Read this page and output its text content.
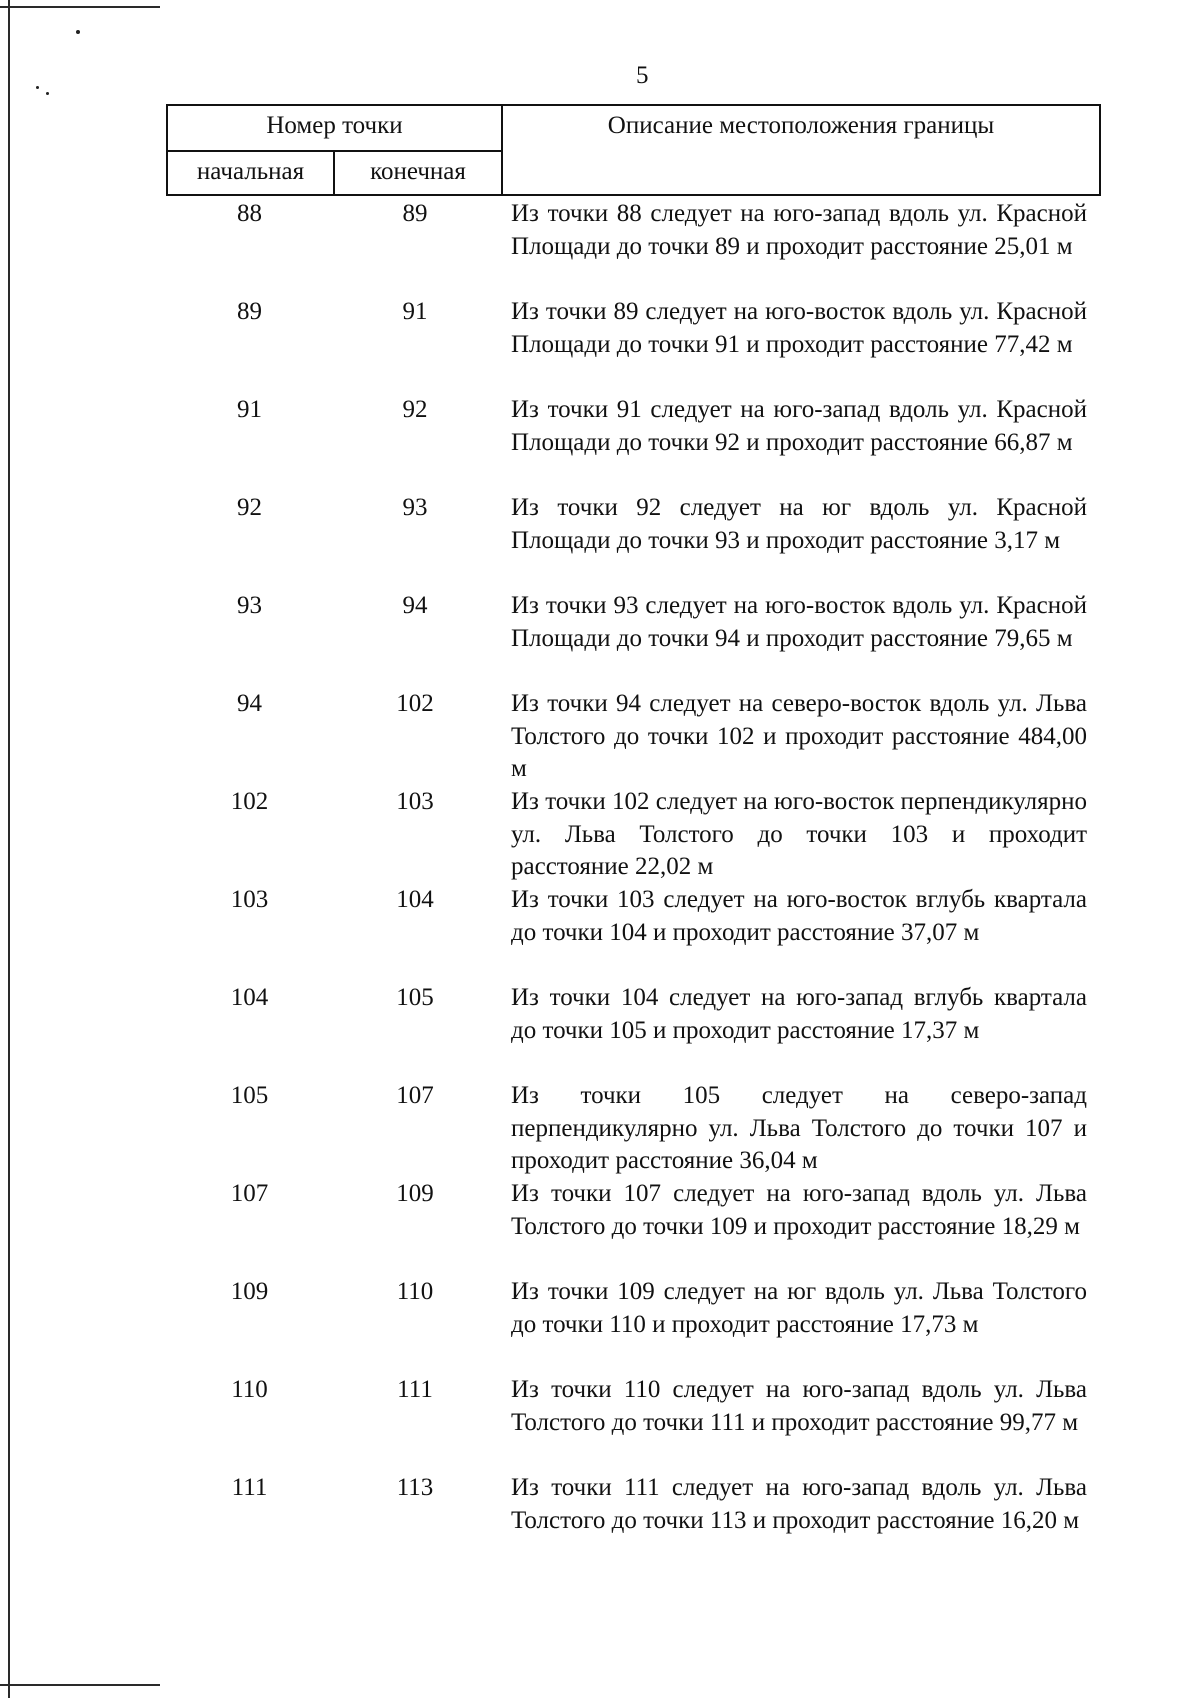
5
Номер точки
начальная	конечная
Описание местоположения границы
88	89	Из точки 88 следует на юго-запад вдоль ул. Красной Площади до точки 89 и проходит расстояние 25,01 м
89	91	Из точки 89 следует на юго-восток вдоль ул. Красной Площади до точки 91 и проходит расстояние 77,42 м
91	92	Из точки 91 следует на юго-запад вдоль ул. Красной Площади до точки 92 и проходит расстояние 66,87 м
92	93	Из точки 92 следует на юг вдоль ул. Красной Площади до точки 93 и проходит расстояние 3,17 м
93	94	Из точки 93 следует на юго-восток вдоль ул. Красной Площади до точки 94 и проходит расстояние 79,65 м
94	102	Из точки 94 следует на северо-восток вдоль ул. Льва Толстого до точки 102 и проходит расстояние 484,00 м
102	103	Из точки 102 следует на юго-восток перпендикулярно ул. Льва Толстого до точки 103 и проходит расстояние 22,02 м
103	104	Из точки 103 следует на юго-восток вглубь квартала до точки 104 и проходит расстояние 37,07 м
104	105	Из точки 104 следует на юго-запад вглубь квартала до точки 105 и проходит расстояние 17,37 м
105	107	Из точки 105 следует на северо-запад перпендикулярно ул. Льва Толстого до точки 107 и проходит расстояние 36,04 м
107	109	Из точки 107 следует на юго-запад вдоль ул. Льва Толстого до точки 109 и проходит расстояние 18,29 м
109	110	Из точки 109 следует на юг вдоль ул. Льва Толстого до точки 110 и проходит расстояние 17,73 м
110	111	Из точки 110 следует на юго-запад вдоль ул. Льва Толстого до точки 111 и проходит расстояние 99,77 м
111	113	Из точки 111 следует на юго-запад вдоль ул. Льва Толстого до точки 113 и проходит расстояние 16,20 м
